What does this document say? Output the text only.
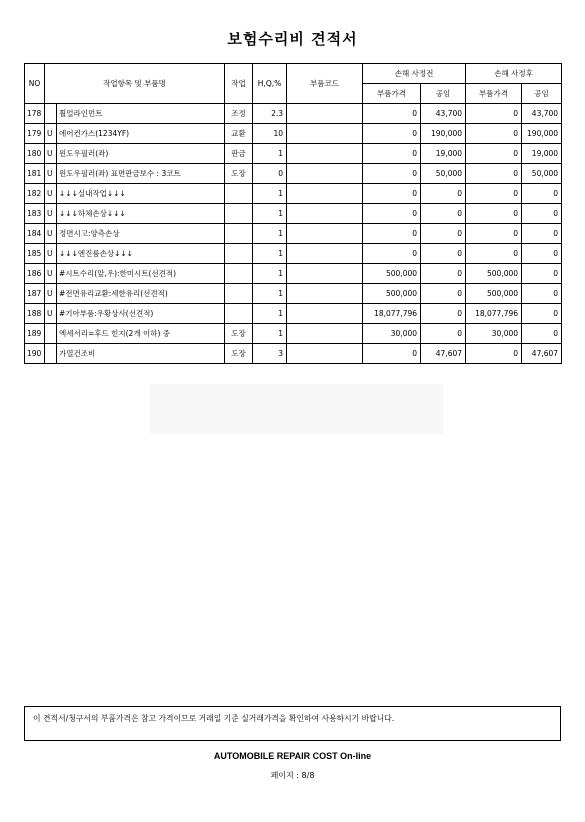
보험수리비 견적서
NO	작업항목 및 부품명		작업	H,Q,%	부품코드	손해 사정전		손해 사정후	
						부품가격	공임	부품가격	공임
178		휠얼라인먼트	조정	2.3		0	43,700	0	43,700
179	U	에어컨가스(1234YF)	교환	10		0	190,000	0	190,000
180	U	윈도우필러(좌)	판금	1		0	19,000	0	19,000
181	U	윈도우필러(좌) 표면판금보수 : 3코트	도장	0		0	50,000	0	50,000
182	U	↓↓↓실내작업↓↓↓		1		0	0	0	0
183	U	↓↓↓하체손상↓↓↓		1		0	0	0	0
184	U	정면시고:양측손상		1		0	0	0	0
185	U	↓↓↓엔진룸손상↓↓↓		1		0	0	0	0
186	U	#시트수리(앞,우):한미시트(선견적)		1		500,000	0	500,000	0
187	U	#전면유리교환:세한유리(선견적)		1		500,000	0	500,000	0
188	U	#기아부품:우황상사(선견적)		1		18,077,796	0	18,077,796	0
189		엑세서리=후드 힌지(2개 이하) 중	도장	1		30,000	0	30,000	0
190		가열건조비	도장	3		0	47,607	0	47,607
이 견적서/청구서의 부품가격은 참고 가격이므로 거래일 기준 실거래가격을 확인하여 사용하시기 바랍니다.
AUTOMOBILE REPAIR COST On-line
페이지 : 8/8
